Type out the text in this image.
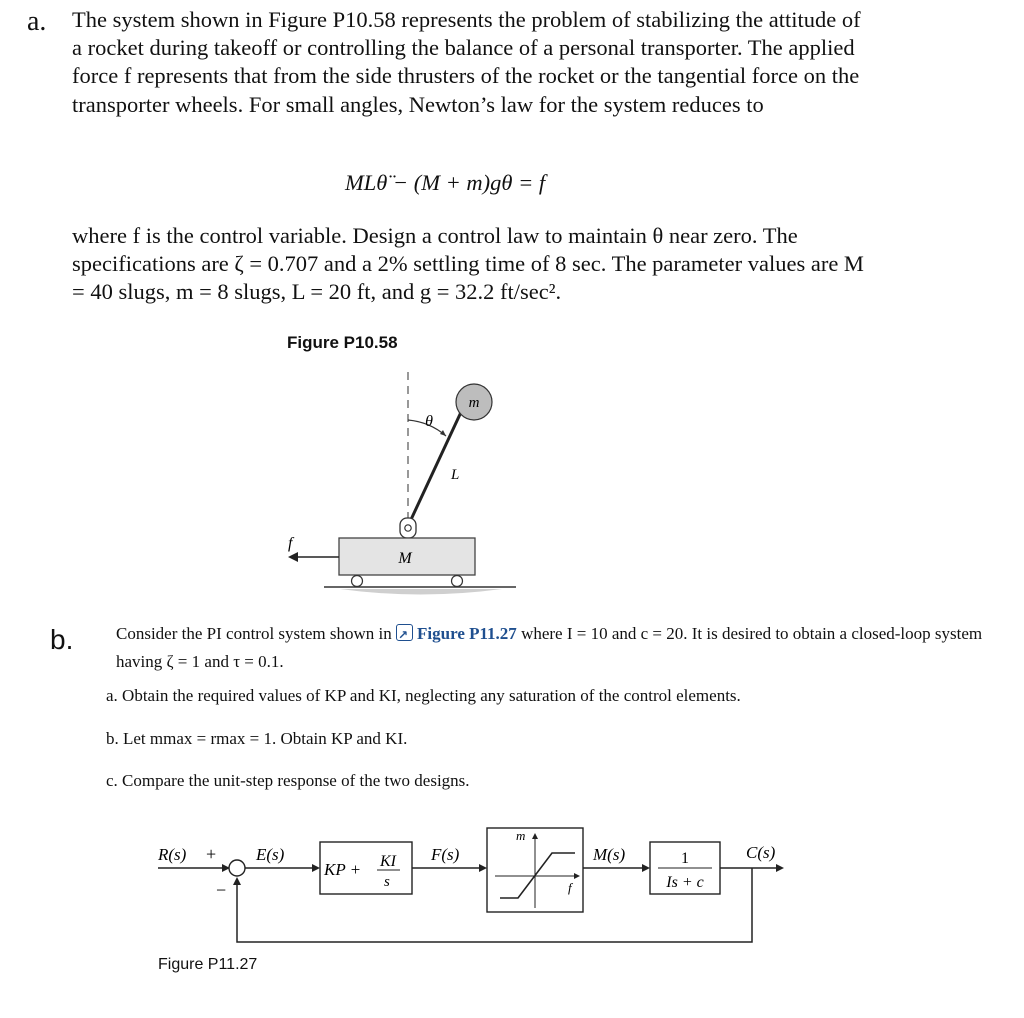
a. The system shown in Figure P10.58 represents the problem of stabilizing the attitude of a rocket during takeoff or controlling the balance of a personal transporter. The applied force f represents that from the side thrusters of the rocket or the tangential force on the transporter wheels. For small angles, Newton’s law for the system reduces to
MLθ̈ − (M + m)gθ = f
where f is the control variable. Design a control law to maintain θ near zero. The specifications are ζ = 0.707 and a 2% settling time of 8 sec. The parameter values are M = 40 slugs, m = 8 slugs, L = 20 ft, and g = 32.2 ft/sec².
Figure P10.58
m
θ
L
M
f
b.	Consider the PI control system shown in ↗ Figure P11.27 where I = 10 and c = 20. It is desired to obtain a closed-loop system having ζ = 1 and τ = 0.1.
a. Obtain the required values of KP and KI, neglecting any saturation of the control elements.
b. Let mmax = rmax = 1. Obtain KP and KI.
c. Compare the unit-step response of the two designs.
R(s) +
−
E(s)
KP + KI
s
F(s)
m
f
M(s)	1
Is + c
C(s)
Figure P11.27
